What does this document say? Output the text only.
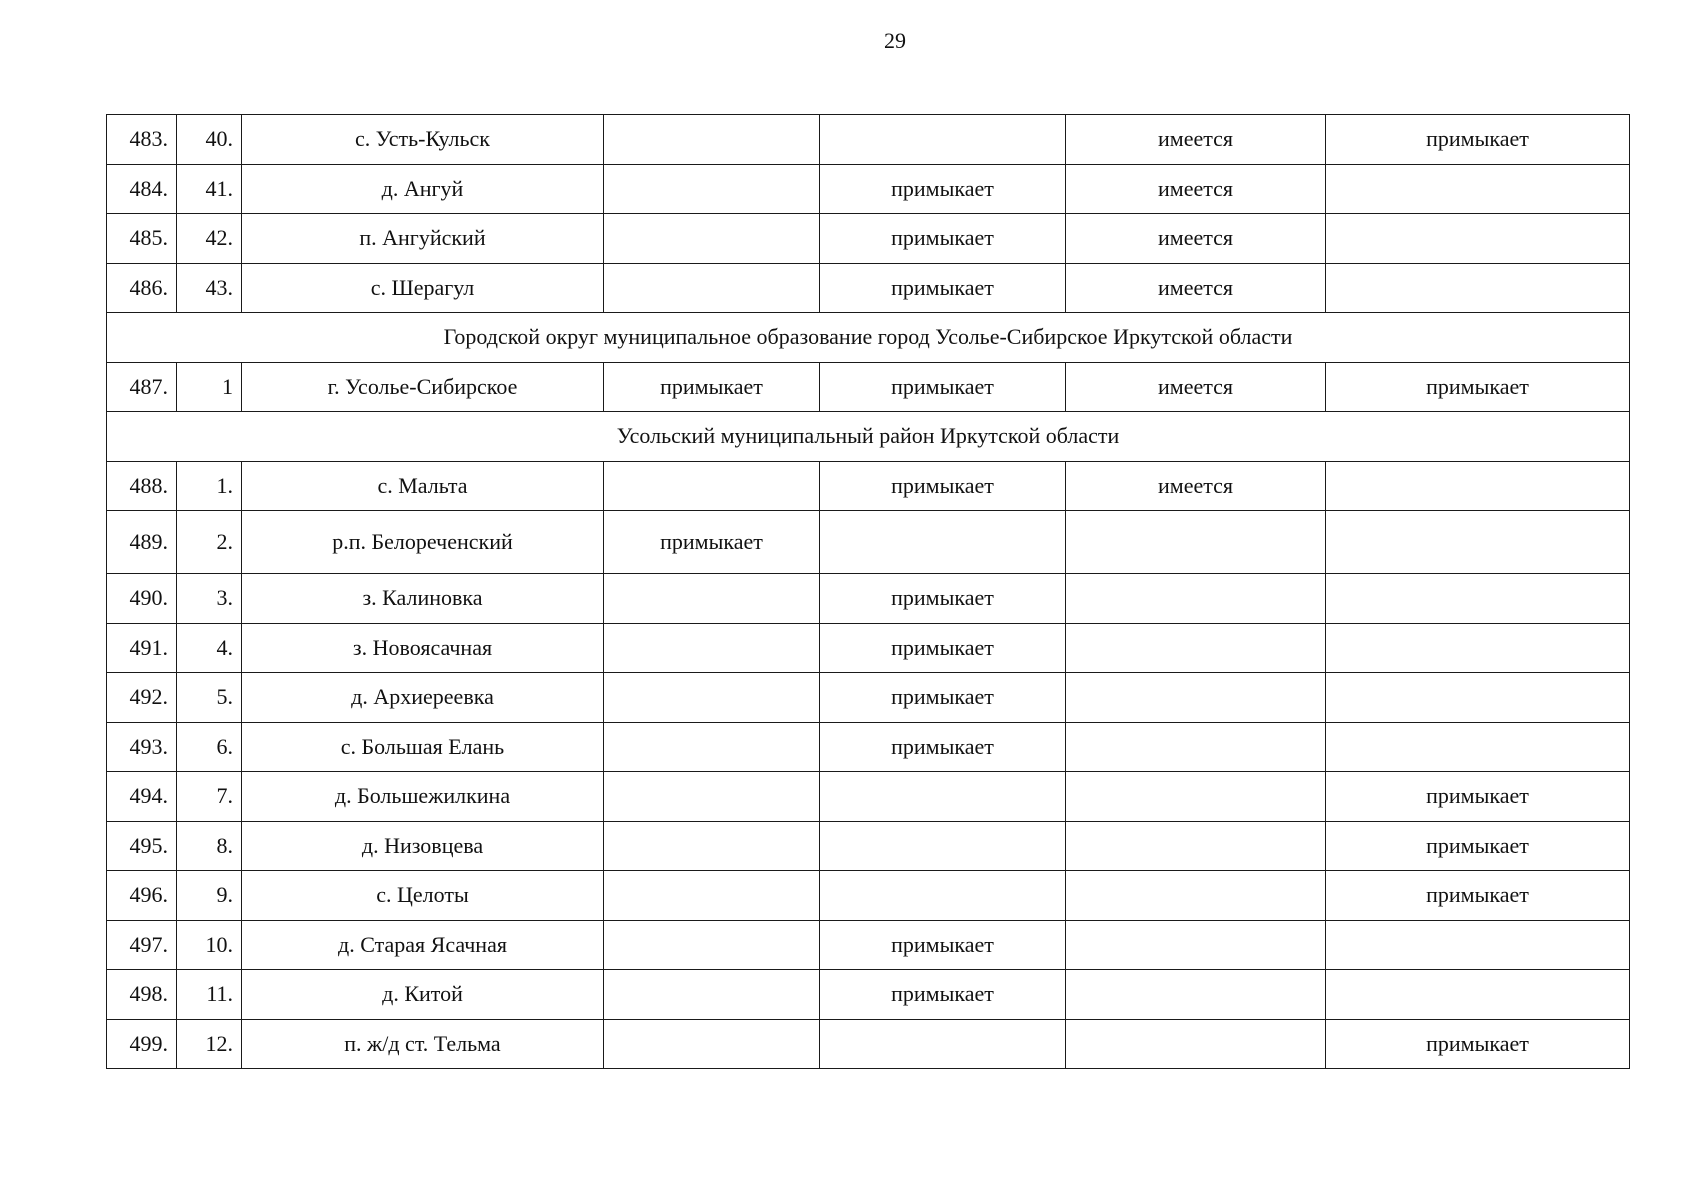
29
483.	40.	с. Усть-Кульск			имеется	примыкает
484.	41.	д. Ангуй		примыкает	имеется	
485.	42.	п. Ангуйский		примыкает	имеется	
486.	43.	с. Шерагул		примыкает	имеется	
Городской округ муниципальное образование город Усолье-Сибирское Иркутской области						
487.	1	г. Усолье-Сибирское	примыкает	примыкает	имеется	примыкает
Усольский муниципальный район Иркутской области						
488.	1.	с. Мальта		примыкает	имеется	
489.	2.	р.п. Белореченский	примыкает			
490.	3.	з. Калиновка		примыкает		
491.	4.	з. Новоясачная		примыкает		
492.	5.	д. Архиереевка		примыкает		
493.	6.	с. Большая Елань		примыкает		
494.	7.	д. Большежилкина				примыкает
495.	8.	д. Низовцева				примыкает
496.	9.	с. Целоты				примыкает
497.	10.	д. Старая Ясачная		примыкает		
498.	11.	д. Китой		примыкает		
499.	12.	п. ж/д ст. Тельма				примыкает
